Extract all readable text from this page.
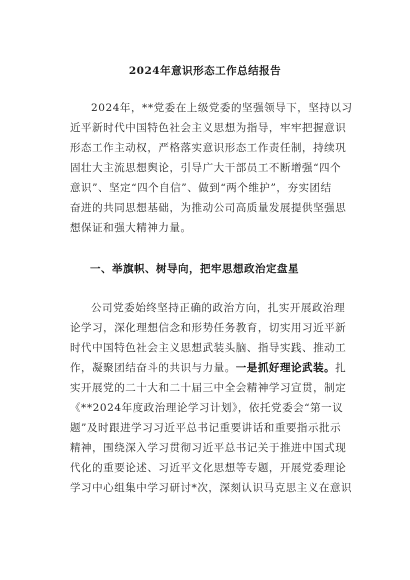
2024年意识形态工作总结报告
2024年，**党委在上级党委的坚强领导下，坚持以习
近平新时代中国特色社会主义思想为指导，牢牢把握意识
形态工作主动权，严格落实意识形态工作责任制，持续巩
固壮大主流思想舆论，引导广大干部员工不断增强“四个
意识”、坚定“四个自信”、做到“两个维护”，夯实团结
奋进的共同思想基础，为推动公司高质量发展提供坚强思
想保证和强大精神力量。
一、举旗帜、树导向，把牢思想政治定盘星
公司党委始终坚持正确的政治方向，扎实开展政治理
论学习，深化理想信念和形势任务教育，切实用习近平新
时代中国特色社会主义思想武装头脑、指导实践、推动工
作，凝聚团结奋斗的共识与力量。一是抓好理论武装。扎
实开展党的二十大和二十届三中全会精神学习宣贯，制定
《**2024年度政治理论学习计划》，依托党委会“第一议
题”及时跟进学习习近平总书记重要讲话和重要指示批示
精神，围绕深入学习贯彻习近平总书记关于推进中国式现
代化的重要论述、习近平文化思想等专题，开展党委理论
学习中心组集中学习研讨*次，深刻认识马克思主义在意识
